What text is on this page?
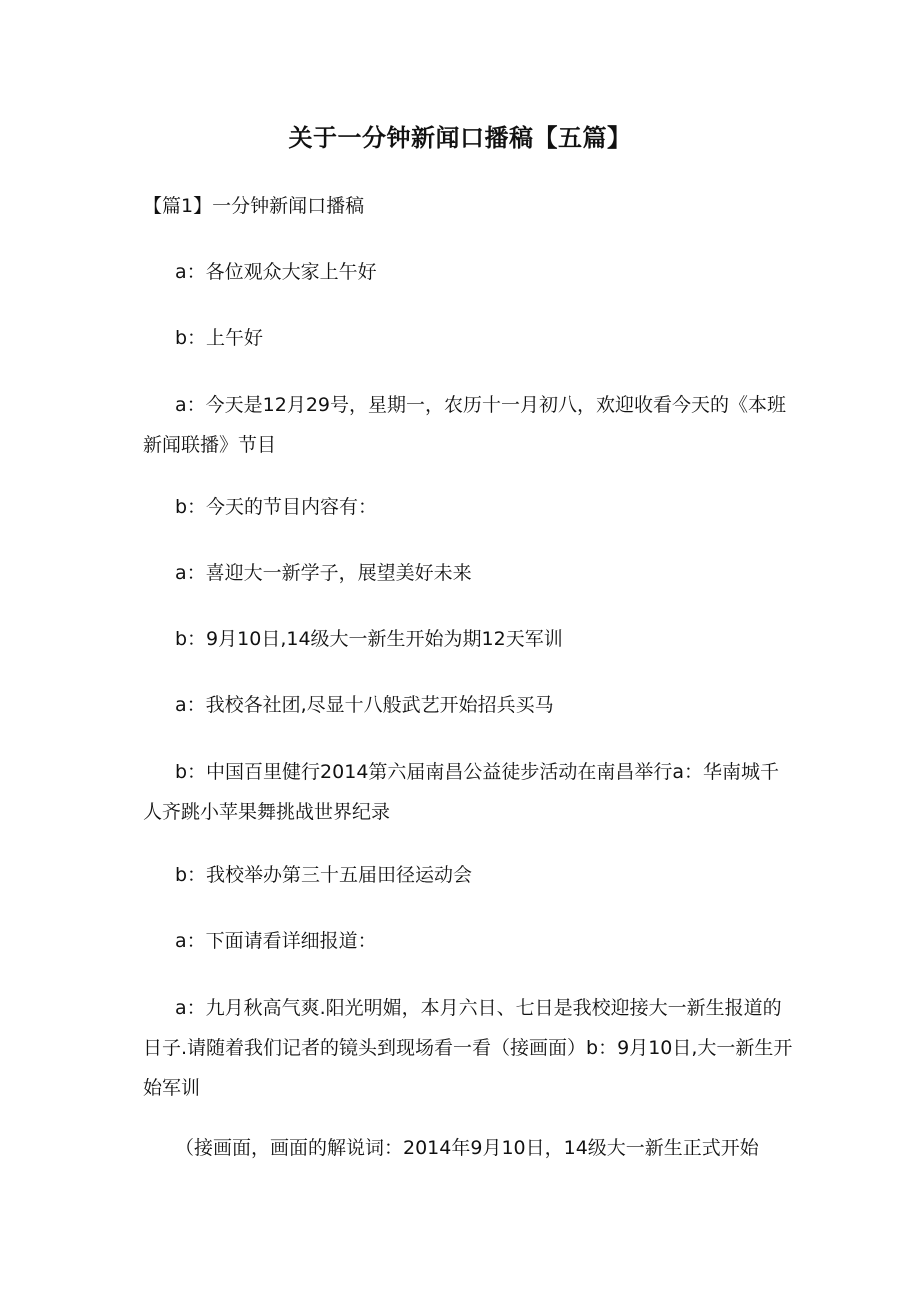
关于一分钟新闻口播稿【五篇】
【篇1】一分钟新闻口播稿

a：各位观众大家上午好

b：上午好

a：今天是12月29号，星期一，农历十一月初八，欢迎收看今天的《本班新闻联播》节目

b：今天的节目内容有：

a：喜迎大一新学子，展望美好未来

b：9月10日,14级大一新生开始为期12天军训

a：我校各社团,尽显十八般武艺开始招兵买马

b：中国百里健行2014第六届南昌公益徒步活动在南昌举行a：华南城千人齐跳小苹果舞挑战世界纪录

b：我校举办第三十五届田径运动会

a：下面请看详细报道：

a：九月秋高气爽.阳光明媚，本月六日、七日是我校迎接大一新生报道的日子.请随着我们记者的镜头到现场看一看（接画面）b：9月10日,大一新生开始军训

（接画面，画面的解说词：2014年9月10日，14级大一新生正式开始
